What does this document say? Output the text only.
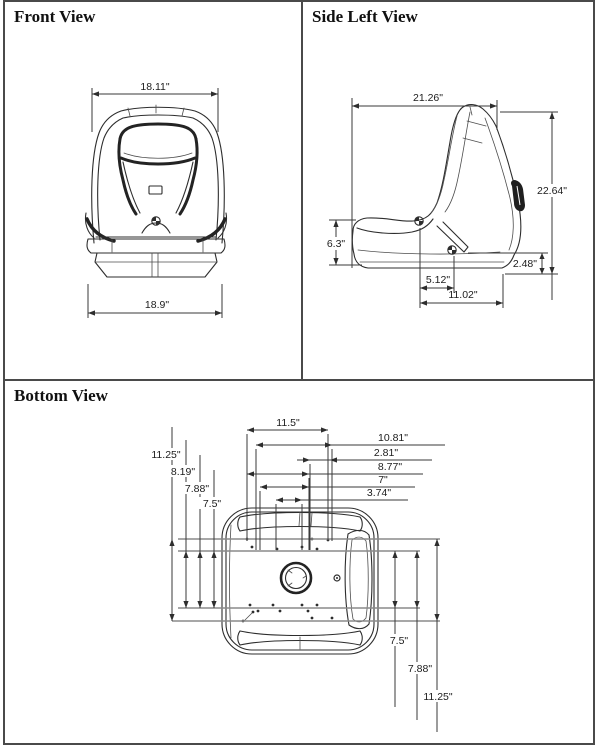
Front View	Side Left View
Bottom View
18.11"
18.9"
21.26"
22.64"
6.3"
2.48"
5.12"
11.02"
11.5"
10.81"
2.81"
8.77"
7"
3.74"
11.25"
8.19"
7.88"
7.5"
7.5"
7.88"
11.25"
